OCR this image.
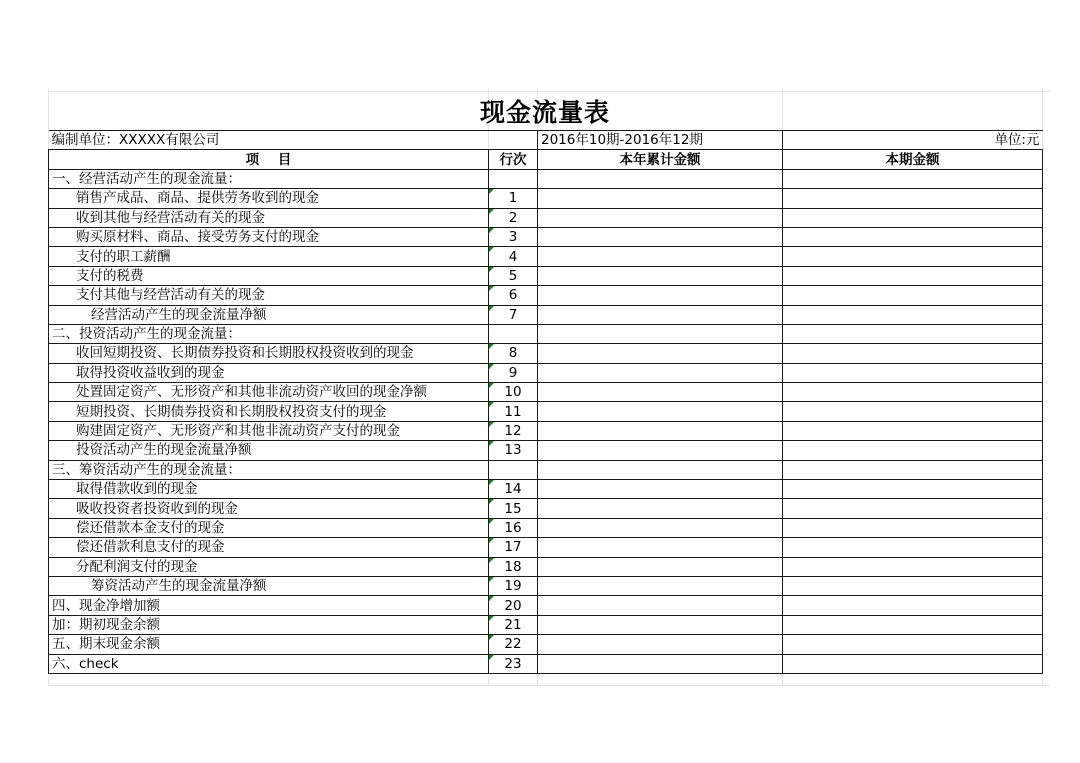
现金流量表
编制单位：XXXXX有限公司		2016年10期-2016年12期	单位:元
项    目	行次	本年累计金额	本期金额
一、经营活动产生的现金流量：			
销售产成品、商品、提供劳务收到的现金	1

收到其他与经营活动有关的现金	2

购买原材料、商品、接受劳务支付的现金	3

支付的职工薪酬	4

支付的税费	5

支付其他与经营活动有关的现金	6

经营活动产生的现金流量净额	7

二、投资活动产生的现金流量：			
收回短期投资、长期债券投资和长期股权投资收到的现金	8

取得投资收益收到的现金	9

处置固定资产、无形资产和其他非流动资产收回的现金净额	10

短期投资、长期债券投资和长期股权投资支付的现金	11

购建固定资产、无形资产和其他非流动资产支付的现金	12

投资活动产生的现金流量净额	13

三、筹资活动产生的现金流量：			
取得借款收到的现金	14

吸收投资者投资收到的现金	15

偿还借款本金支付的现金	16

偿还借款利息支付的现金	17

分配利润支付的现金	18

筹资活动产生的现金流量净额	19

四、现金净增加额	20

加：期初现金余额	21

五、期末现金余额	22

六、check	23
